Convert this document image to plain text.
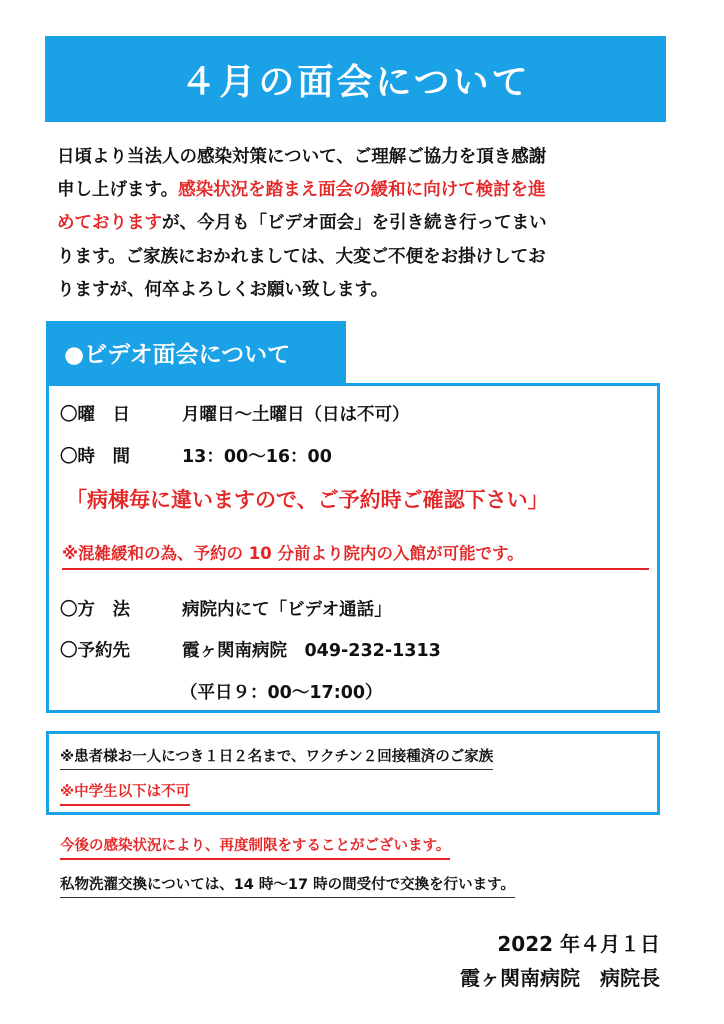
４月の面会について
日頃より当法人の感染対策について、ご理解ご協力を頂き感謝
申し上げます。感染状況を踏まえ面会の緩和に向けて検討を進
めておりますが、今月も「ビデオ面会」を引き続き行ってまい
ります。ご家族におかれましては、大変ご不便をお掛けしてお
りますが、何卒よろしくお願い致します。
●ビデオ面会について
〇曜　日	月曜日～土曜日（日は不可）
〇時　間	13：00～16：00
「病棟毎に違いますので、ご予約時ご確認下さい」
※混雑緩和の為、予約の 10 分前より院内の入館が可能です。
〇方　法	病院内にて「ビデオ通話」
〇予約先	霞ヶ関南病院　049-232-1313
（平日９：00～17:00）
※患者様お一人につき１日２名まで、ワクチン２回接種済のご家族
※中学生以下は不可
今後の感染状況により、再度制限をすることがございます。
私物洗濯交換については、14 時～17 時の間受付で交換を行います。
2022 年４月１日
霞ヶ関南病院　病院長
